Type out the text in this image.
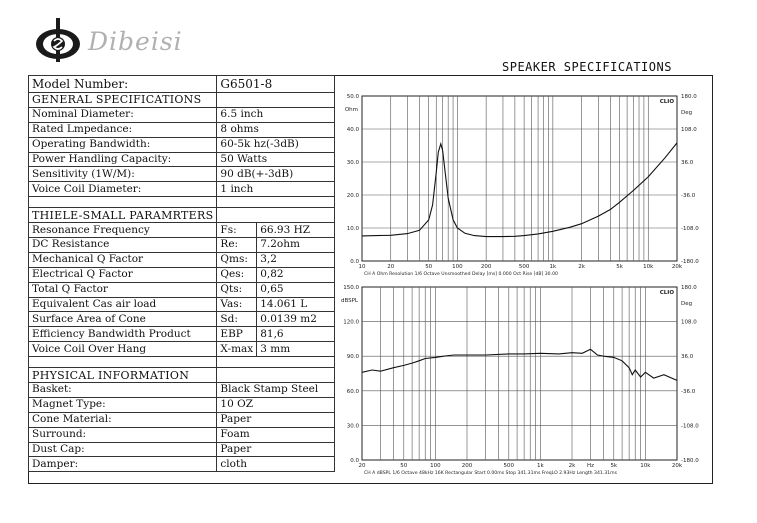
Dibeisi
SPEAKER SPECIFICATIONS
Model Number:	G6501-8	
GENERAL SPECIFICATIONS		
Nominal Diameter:	6.5 inch	
Rated Lmpedance:	8 ohms	
Operating Bandwidth:	60-5k hz(-3dB)	
Power Handling Capacity:	50 Watts	
Sensitivity (1W/M):	90 dB(+-3dB)	
Voice Coil Diameter:	1 inch	

THIELE-SMALL PARAMRTERS		
Resonance Frequency	Fs:	66.93 HZ
DC Resistance	Re:	7.2ohm
Mechanical Q Factor	Qms:	3,2
Electrical Q Factor	Qes:	0,82
Total Q Factor	Qts:	0,65
Equivalent Cas air load	Vas:	14.061 L
Surface Area of Cone	Sd:	0.0139 m2
Efficiency Bandwidth Product	EBP	81,6
Voice Coil Over Hang	X-max	3 mm

PHYSICAL INFORMATION		
Basket:	Black Stamp Steel	
Magnet Type:	10 OZ	
Cone Material:	Paper	
Surround:	Foam	
Dust Cap:	Paper	
Damper:	cloth	
50.0
40.0
30.0
20.0
10.0
0.0
180.0
108.0
36.0
-36.0
-108.0
-180.0
Ohm	Deg
10	20	50	100	200	500	1k	2k	5k	10k	20k
CLIO
CH A Ohm Resolution 1/6 Octave Unsmoothed Delay [ms] 0.000 Oct Rise [dB] 30.00
150.0
120.0
90.0
60.0
30.0
0.0
180.0
108.0
36.0
-36.0
-108.0
-180.0
dBSPL	Deg
20	50	100	200	500	1k	2k Hz	5k	10k	20k
CLIO
CH A dBSPL 1/6 Octave 48kHz 16K Rectangular Start 0.00ms Stop 341.31ms FreqLO 2.93Hz Length 341.31ms
